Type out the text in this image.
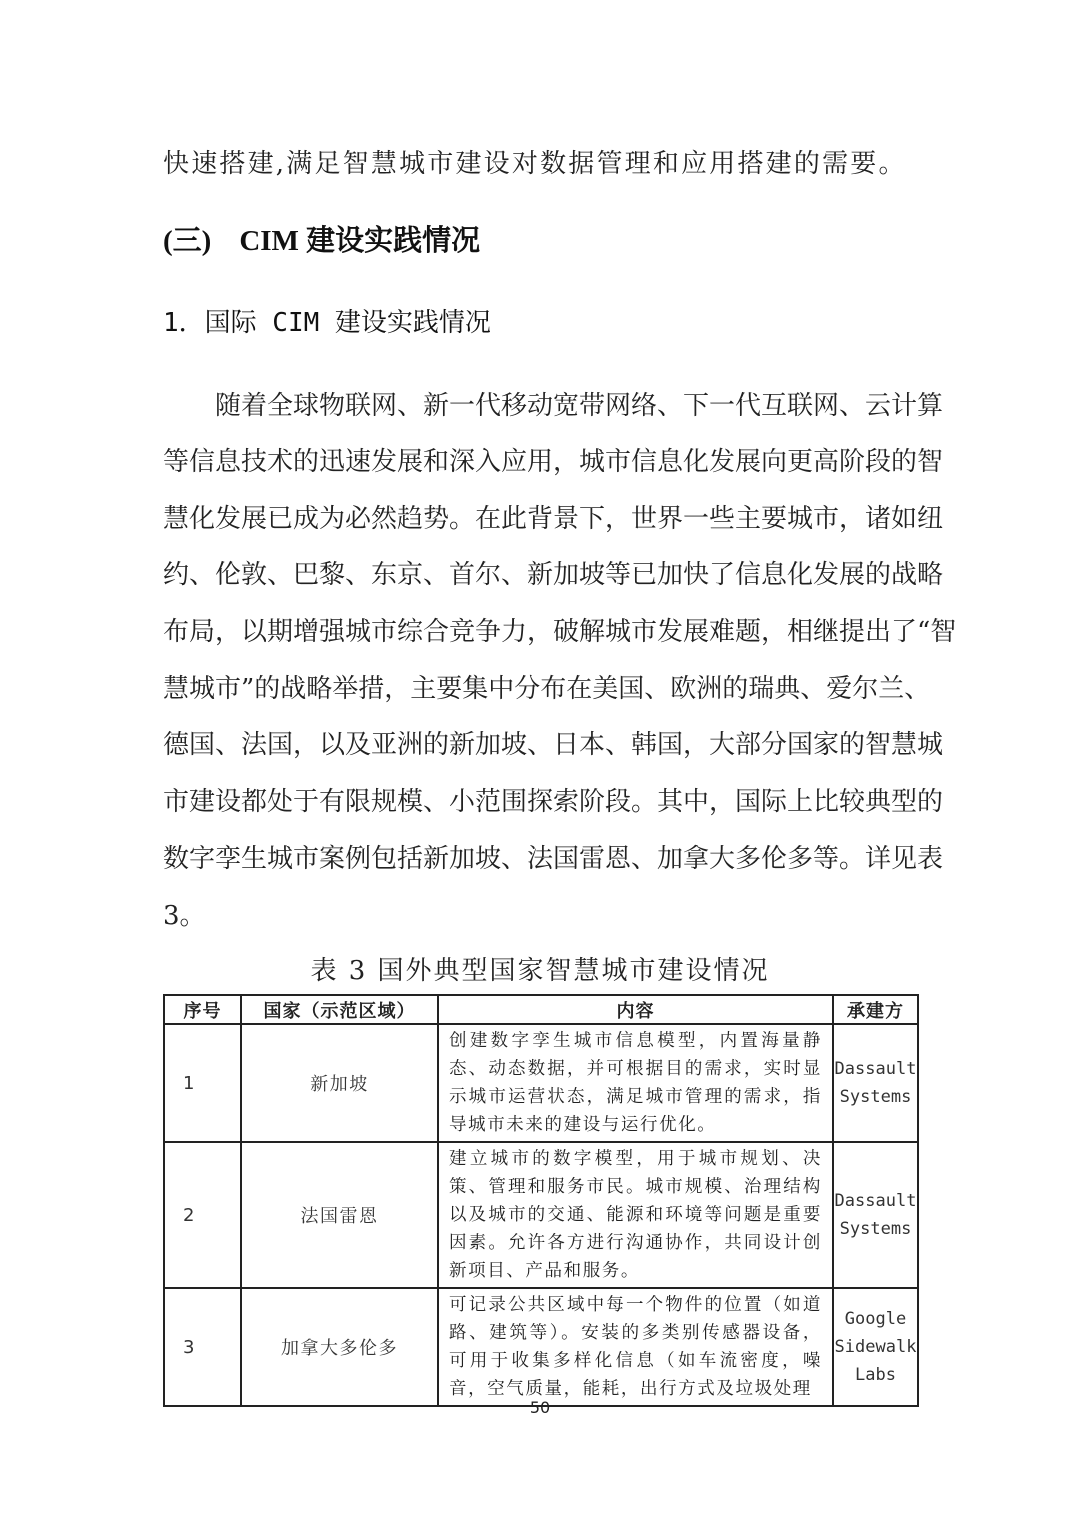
快速搭建,满足智慧城市建设对数据管理和应用搭建的需要。
(三) CIM 建设实践情况
1．国际 CIM 建设实践情况
随着全球物联网、新一代移动宽带网络、下一代互联网、云计算
等信息技术的迅速发展和深入应用，城市信息化发展向更高阶段的智
慧化发展已成为必然趋势。在此背景下，世界一些主要城市，诸如纽
约、伦敦、巴黎、东京、首尔、新加坡等已加快了信息化发展的战略
布局，以期增强城市综合竞争力，破解城市发展难题，相继提出了“智
慧城市”的战略举措，主要集中分布在美国、欧洲的瑞典、爱尔兰、
德国、法国，以及亚洲的新加坡、日本、韩国，大部分国家的智慧城
市建设都处于有限规模、小范围探索阶段。其中，国际上比较典型的
数字孪生城市案例包括新加坡、法国雷恩、加拿大多伦多等。详见表
3。
表 3 国外典型国家智慧城市建设情况
序号	国家（示范区域）	内容	承建方
1	新加坡	创建数字孪生城市信息模型，内置海量静态、动态数据，并可根据目的需求，实时显示城市运营状态，满足城市管理的需求，指导城市未来的建设与运行优化。	Dassault
Systems

2	法国雷恩	建立城市的数字模型，用于城市规划、决策、管理和服务市民。城市规模、治理结构以及城市的交通、能源和环境等问题是重要因素。允许各方进行沟通协作，共同设计创新项目、产品和服务。	Dassault
Systems

3	加拿大多伦多	可记录公共区域中每一个物件的位置（如道路、建筑等）。安装的多类别传感器设备，可用于收集多样化信息（如车流密度，噪音，空气质量，能耗，出行方式及垃圾处理	Google
Sidewalk
Labs
50
